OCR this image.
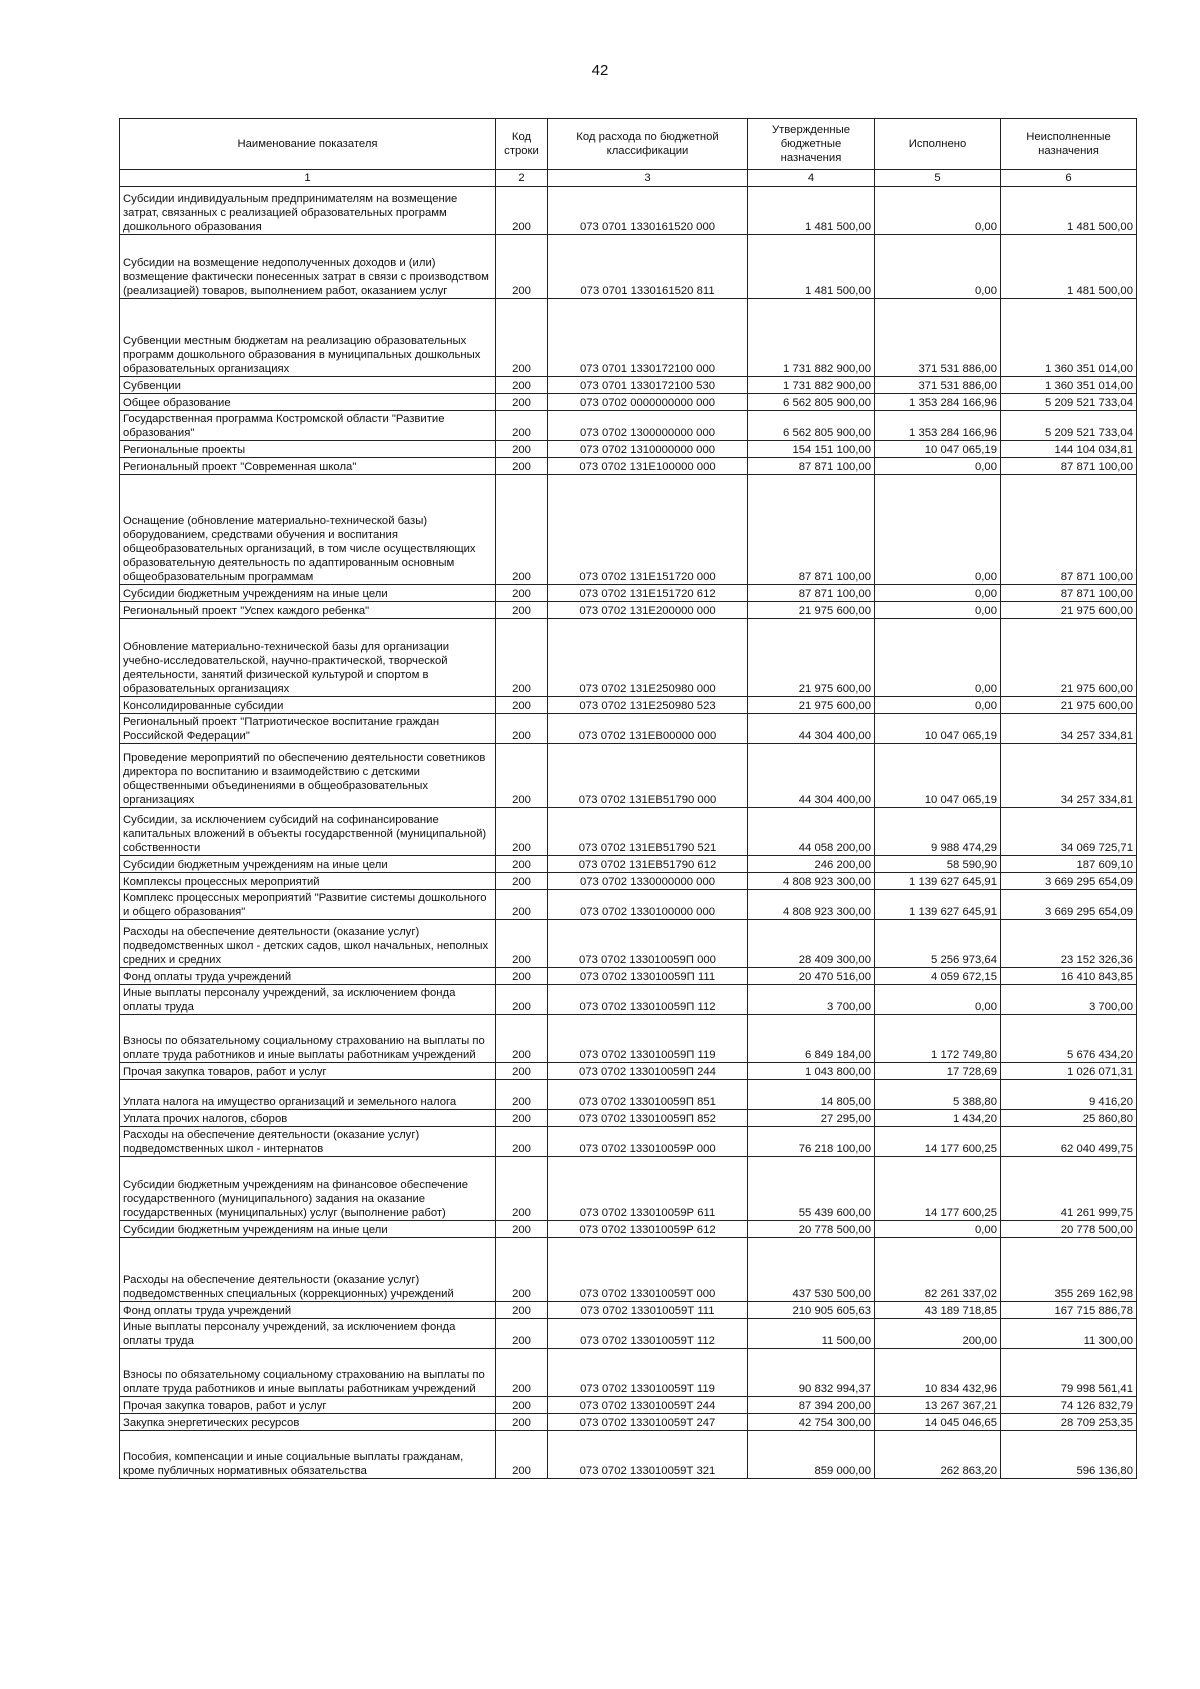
42
Наименование показателя	Код строки	Код расхода по бюджетной классификации	Утвержденные бюджетные назначения	Исполнено	Неисполненные назначения
1	2	3	4	5	6
Субсидии индивидуальным предпринимателям на возмещение затрат, связанных с реализацией образовательных программ дошкольного образования	200	073 0701 1330161520 000	1 481 500,00	0,00	1 481 500,00
Субсидии на возмещение недополученных доходов и (или) возмещение фактически понесенных затрат в связи с производством (реализацией) товаров, выполнением работ, оказанием услуг	200	073 0701 1330161520 811	1 481 500,00	0,00	1 481 500,00
Субвенции местным бюджетам на реализацию образовательных программ дошкольного образования в муниципальных дошкольных образовательных организациях	200	073 0701 1330172100 000	1 731 882 900,00	371 531 886,00	1 360 351 014,00
Субвенции	200	073 0701 1330172100 530	1 731 882 900,00	371 531 886,00	1 360 351 014,00
Общее образование	200	073 0702 0000000000 000	6 562 805 900,00	1 353 284 166,96	5 209 521 733,04
Государственная программа Костромской области "Развитие образования"	200	073 0702 1300000000 000	6 562 805 900,00	1 353 284 166,96	5 209 521 733,04
Региональные проекты	200	073 0702 1310000000 000	154 151 100,00	10 047 065,19	144 104 034,81
Региональный проект "Современная школа"	200	073 0702 131E100000 000	87 871 100,00	0,00	87 871 100,00
Оснащение (обновление материально-технической базы) оборудованием, средствами обучения и воспитания общеобразовательных организаций, в том числе осуществляющих образовательную деятельность по адаптированным основным общеобразовательным программам	200	073 0702 131E151720 000	87 871 100,00	0,00	87 871 100,00
Субсидии бюджетным учреждениям на иные цели	200	073 0702 131E151720 612	87 871 100,00	0,00	87 871 100,00
Региональный проект "Успех каждого ребенка"	200	073 0702 131E200000 000	21 975 600,00	0,00	21 975 600,00
Обновление материально-технической базы для организации учебно-исследовательской, научно-практической, творческой деятельности, занятий физической культурой и спортом в образовательных организациях	200	073 0702 131E250980 000	21 975 600,00	0,00	21 975 600,00
Консолидированные субсидии	200	073 0702 131E250980 523	21 975 600,00	0,00	21 975 600,00
Региональный проект "Патриотическое воспитание граждан Российской Федерации"	200	073 0702 131EB00000 000	44 304 400,00	10 047 065,19	34 257 334,81
Проведение мероприятий по обеспечению деятельности советников директора по воспитанию и взаимодействию с детскими общественными объединениями в общеобразовательных организациях	200	073 0702 131EB51790 000	44 304 400,00	10 047 065,19	34 257 334,81
Субсидии, за исключением субсидий на софинансирование капитальных вложений в объекты государственной (муниципальной) собственности	200	073 0702 131EB51790 521	44 058 200,00	9 988 474,29	34 069 725,71
Субсидии бюджетным учреждениям на иные цели	200	073 0702 131EB51790 612	246 200,00	58 590,90	187 609,10
Комплексы процессных мероприятий	200	073 0702 1330000000 000	4 808 923 300,00	1 139 627 645,91	3 669 295 654,09
Комплекс процессных мероприятий "Развитие системы дошкольного и общего образования"	200	073 0702 1330100000 000	4 808 923 300,00	1 139 627 645,91	3 669 295 654,09
Расходы на обеспечение деятельности (оказание услуг) подведомственных школ - детских садов, школ начальных, неполных средних и средних	200	073 0702 133010059П 000	28 409 300,00	5 256 973,64	23 152 326,36
Фонд оплаты труда учреждений	200	073 0702 133010059П 111	20 470 516,00	4 059 672,15	16 410 843,85
Иные выплаты персоналу учреждений, за исключением фонда оплаты труда	200	073 0702 133010059П 112	3 700,00	0,00	3 700,00
Взносы по обязательному социальному страхованию на выплаты по оплате труда работников и иные выплаты работникам учреждений	200	073 0702 133010059П 119	6 849 184,00	1 172 749,80	5 676 434,20
Прочая закупка товаров, работ и услуг	200	073 0702 133010059П 244	1 043 800,00	17 728,69	1 026 071,31
Уплата налога на имущество организаций и земельного налога	200	073 0702 133010059П 851	14 805,00	5 388,80	9 416,20
Уплата прочих налогов, сборов	200	073 0702 133010059П 852	27 295,00	1 434,20	25 860,80
Расходы на обеспечение деятельности (оказание услуг) подведомственных школ - интернатов	200	073 0702 133010059Р 000	76 218 100,00	14 177 600,25	62 040 499,75
Субсидии бюджетным учреждениям на финансовое обеспечение государственного (муниципального) задания на оказание государственных (муниципальных) услуг (выполнение работ)	200	073 0702 133010059Р 611	55 439 600,00	14 177 600,25	41 261 999,75
Субсидии бюджетным учреждениям на иные цели	200	073 0702 133010059Р 612	20 778 500,00	0,00	20 778 500,00
Расходы на обеспечение деятельности (оказание услуг) подведомственных специальных (коррекционных) учреждений	200	073 0702 133010059Т 000	437 530 500,00	82 261 337,02	355 269 162,98
Фонд оплаты труда учреждений	200	073 0702 133010059Т 111	210 905 605,63	43 189 718,85	167 715 886,78
Иные выплаты персоналу учреждений, за исключением фонда оплаты труда	200	073 0702 133010059Т 112	11 500,00	200,00	11 300,00
Взносы по обязательному социальному страхованию на выплаты по оплате труда работников и иные выплаты работникам учреждений	200	073 0702 133010059Т 119	90 832 994,37	10 834 432,96	79 998 561,41
Прочая закупка товаров, работ и услуг	200	073 0702 133010059Т 244	87 394 200,00	13 267 367,21	74 126 832,79
Закупка энергетических ресурсов	200	073 0702 133010059Т 247	42 754 300,00	14 045 046,65	28 709 253,35
Пособия, компенсации и иные социальные выплаты гражданам, кроме публичных нормативных обязательства	200	073 0702 133010059Т 321	859 000,00	262 863,20	596 136,80
